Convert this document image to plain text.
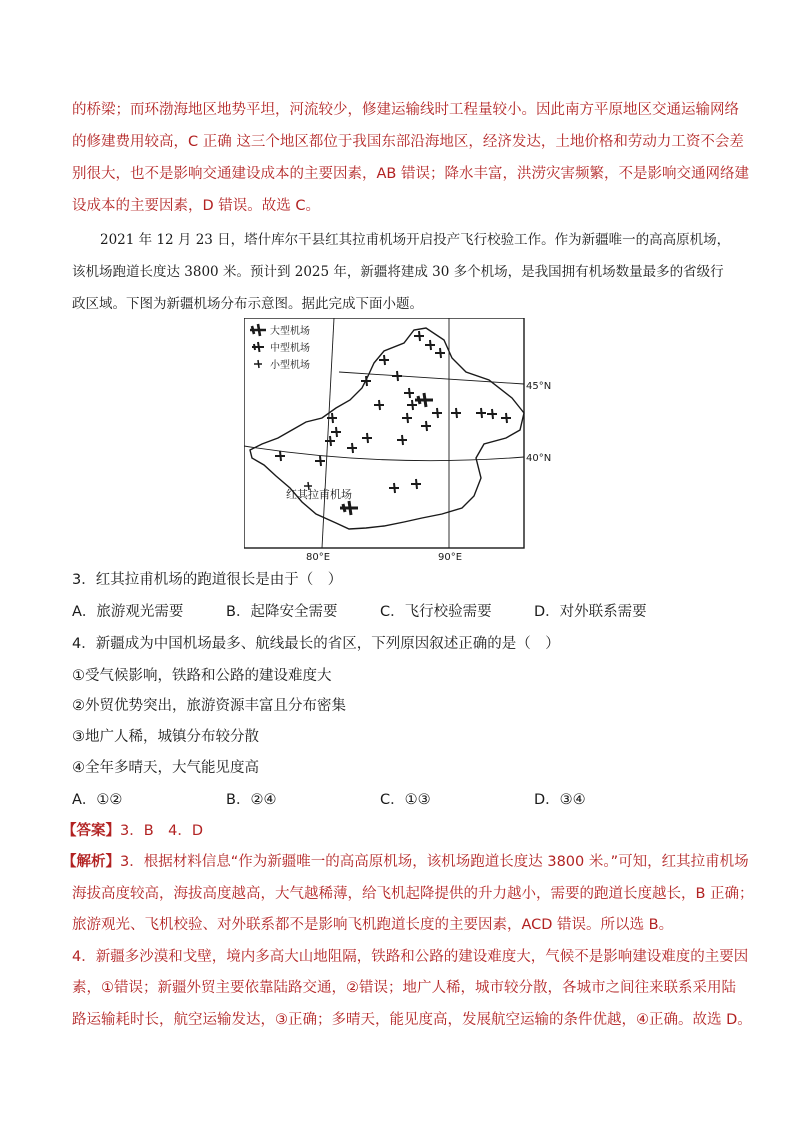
的桥梁；而环渤海地区地势平坦，河流较少，修建运输线时工程量较小。因此南方平原地区交通运输网络
的修建费用较高，C 正确 这三个地区都位于我国东部沿海地区，经济发达，土地价格和劳动力工资不会差
别很大，也不是影响交通建设成本的主要因素，AB 错误；降水丰富，洪涝灾害频繁，不是影响交通网络建
设成本的主要因素，D 错误。故选 C。
2021 年 12 月 23 日，塔什库尔干县红其拉甫机场开启投产飞行校验工作。作为新疆唯一的高高原机场，
该机场跑道长度达 3800 米。预计到 2025 年，新疆将建成 30 多个机场，是我国拥有机场数量最多的省级行
政区域。下图为新疆机场分布示意图。据此完成下面小题。
大型机场
中型机场
小型机场
45°N
40°N
80°E	90°E
红其拉甫机场
3．红其拉甫机场的跑道很长是由于（　）
A．旅游观光需要	B．起降安全需要	C．飞行校验需要	D．对外联系需要
4．新疆成为中国机场最多、航线最长的省区，下列原因叙述正确的是（　）
①受气候影响，铁路和公路的建设难度大
②外贸优势突出，旅游资源丰富且分布密集
③地广人稀，城镇分布较分散
④全年多晴天，大气能见度高
A．①②	B．②④	C．①③	D．③④
【答案】3．B　4．D
【解析】3．根据材料信息“作为新疆唯一的高高原机场，该机场跑道长度达 3800 米。”可知，红其拉甫机场
海拔高度较高，海拔高度越高，大气越稀薄，给飞机起降提供的升力越小，需要的跑道长度越长，B 正确；
旅游观光、飞机校验、对外联系都不是影响飞机跑道长度的主要因素，ACD 错误。所以选 B。
4．新疆多沙漠和戈壁，境内多高大山地阻隔，铁路和公路的建设难度大，气候不是影响建设难度的主要因
素，①错误；新疆外贸主要依靠陆路交通，②错误；地广人稀，城市较分散，各城市之间往来联系采用陆
路运输耗时长，航空运输发达，③正确；多晴天，能见度高，发展航空运输的条件优越，④正确。故选 D。
